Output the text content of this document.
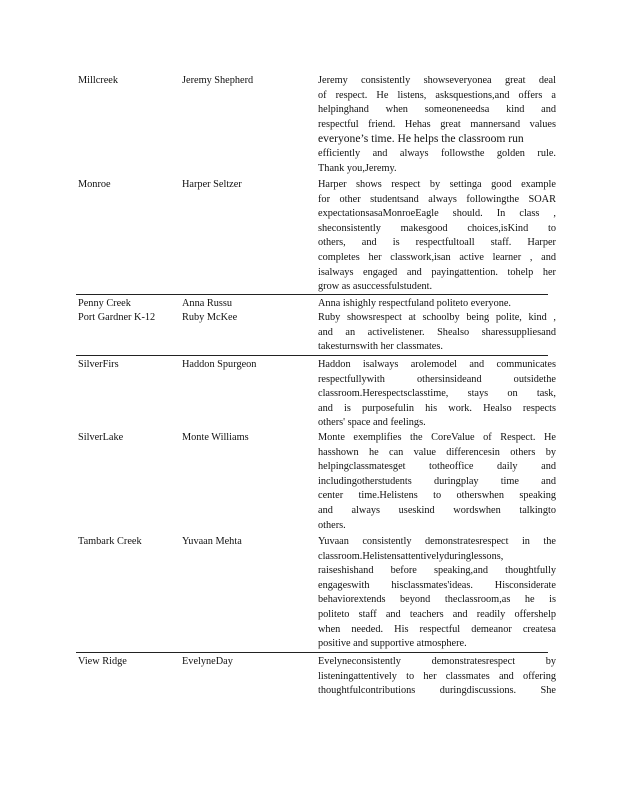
Millcreek	Jeremy Shepherd	Jeremy consistently showseveryonea great deal
of respect. He listens, asksquestions,and offers a
helpinghand when someoneneedsa kind and
respectful friend. Hehas great mannersand values
everyone’s time. He helps the classroom run
efficiently and always followsthe golden rule.
Thank you,Jeremy.
Monroe	Harper Seltzer	Harper shows respect by settinga good example
for other studentsand always followingthe SOAR
expectationsasaMonroeEagle should. In class ,
sheconsistently makesgood choices,isKind to
others, and is respectfultoall staff. Harper
completes her classwork,isan active learner , and
isalways engaged and payingattention. tohelp her
grow as asuccessfulstudent.
Penny Creek	Anna Russu	Anna ishighly respectfuland politeto everyone.
Port Gardner K-12	Ruby McKee	Ruby showsrespect at schoolby being polite, kind ,
and an activelistener. Shealso sharessuppliesand
takesturnswith her classmates.
SilverFirs	Haddon Spurgeon	Haddon isalways arolemodel and communicates
respectfullywith othersinsideand outsidethe
classroom.Herespectsclasstime, stays on task,
and is purposefulin his work. Healso respects
others' space and feelings.
SilverLake	Monte Williams	Monte exemplifies the CoreValue of Respect. He
hasshown he can value differencesin others by
helpingclassmatesget totheoffice daily and
includingotherstudents duringplay time and
center time.Helistens to otherswhen speaking
and always useskind wordswhen talkingto
others.
Tambark Creek	Yuvaan Mehta	Yuvaan consistently demonstratesrespect in the
classroom.Helistensattentivelyduringlessons,
raiseshishand before speaking,and thoughtfully
engageswith hisclassmates'ideas. Hisconsiderate
behaviorextends beyond theclassroom,as he is
politeto staff and teachers and readily offershelp
when needed. His respectful demeanor createsa
positive and supportive atmosphere.
View Ridge	EvelyneDay	Evelyneconsistently demonstratesrespect by
listeningattentively to her classmates and offering
thoughtfulcontributions duringdiscussions. She
